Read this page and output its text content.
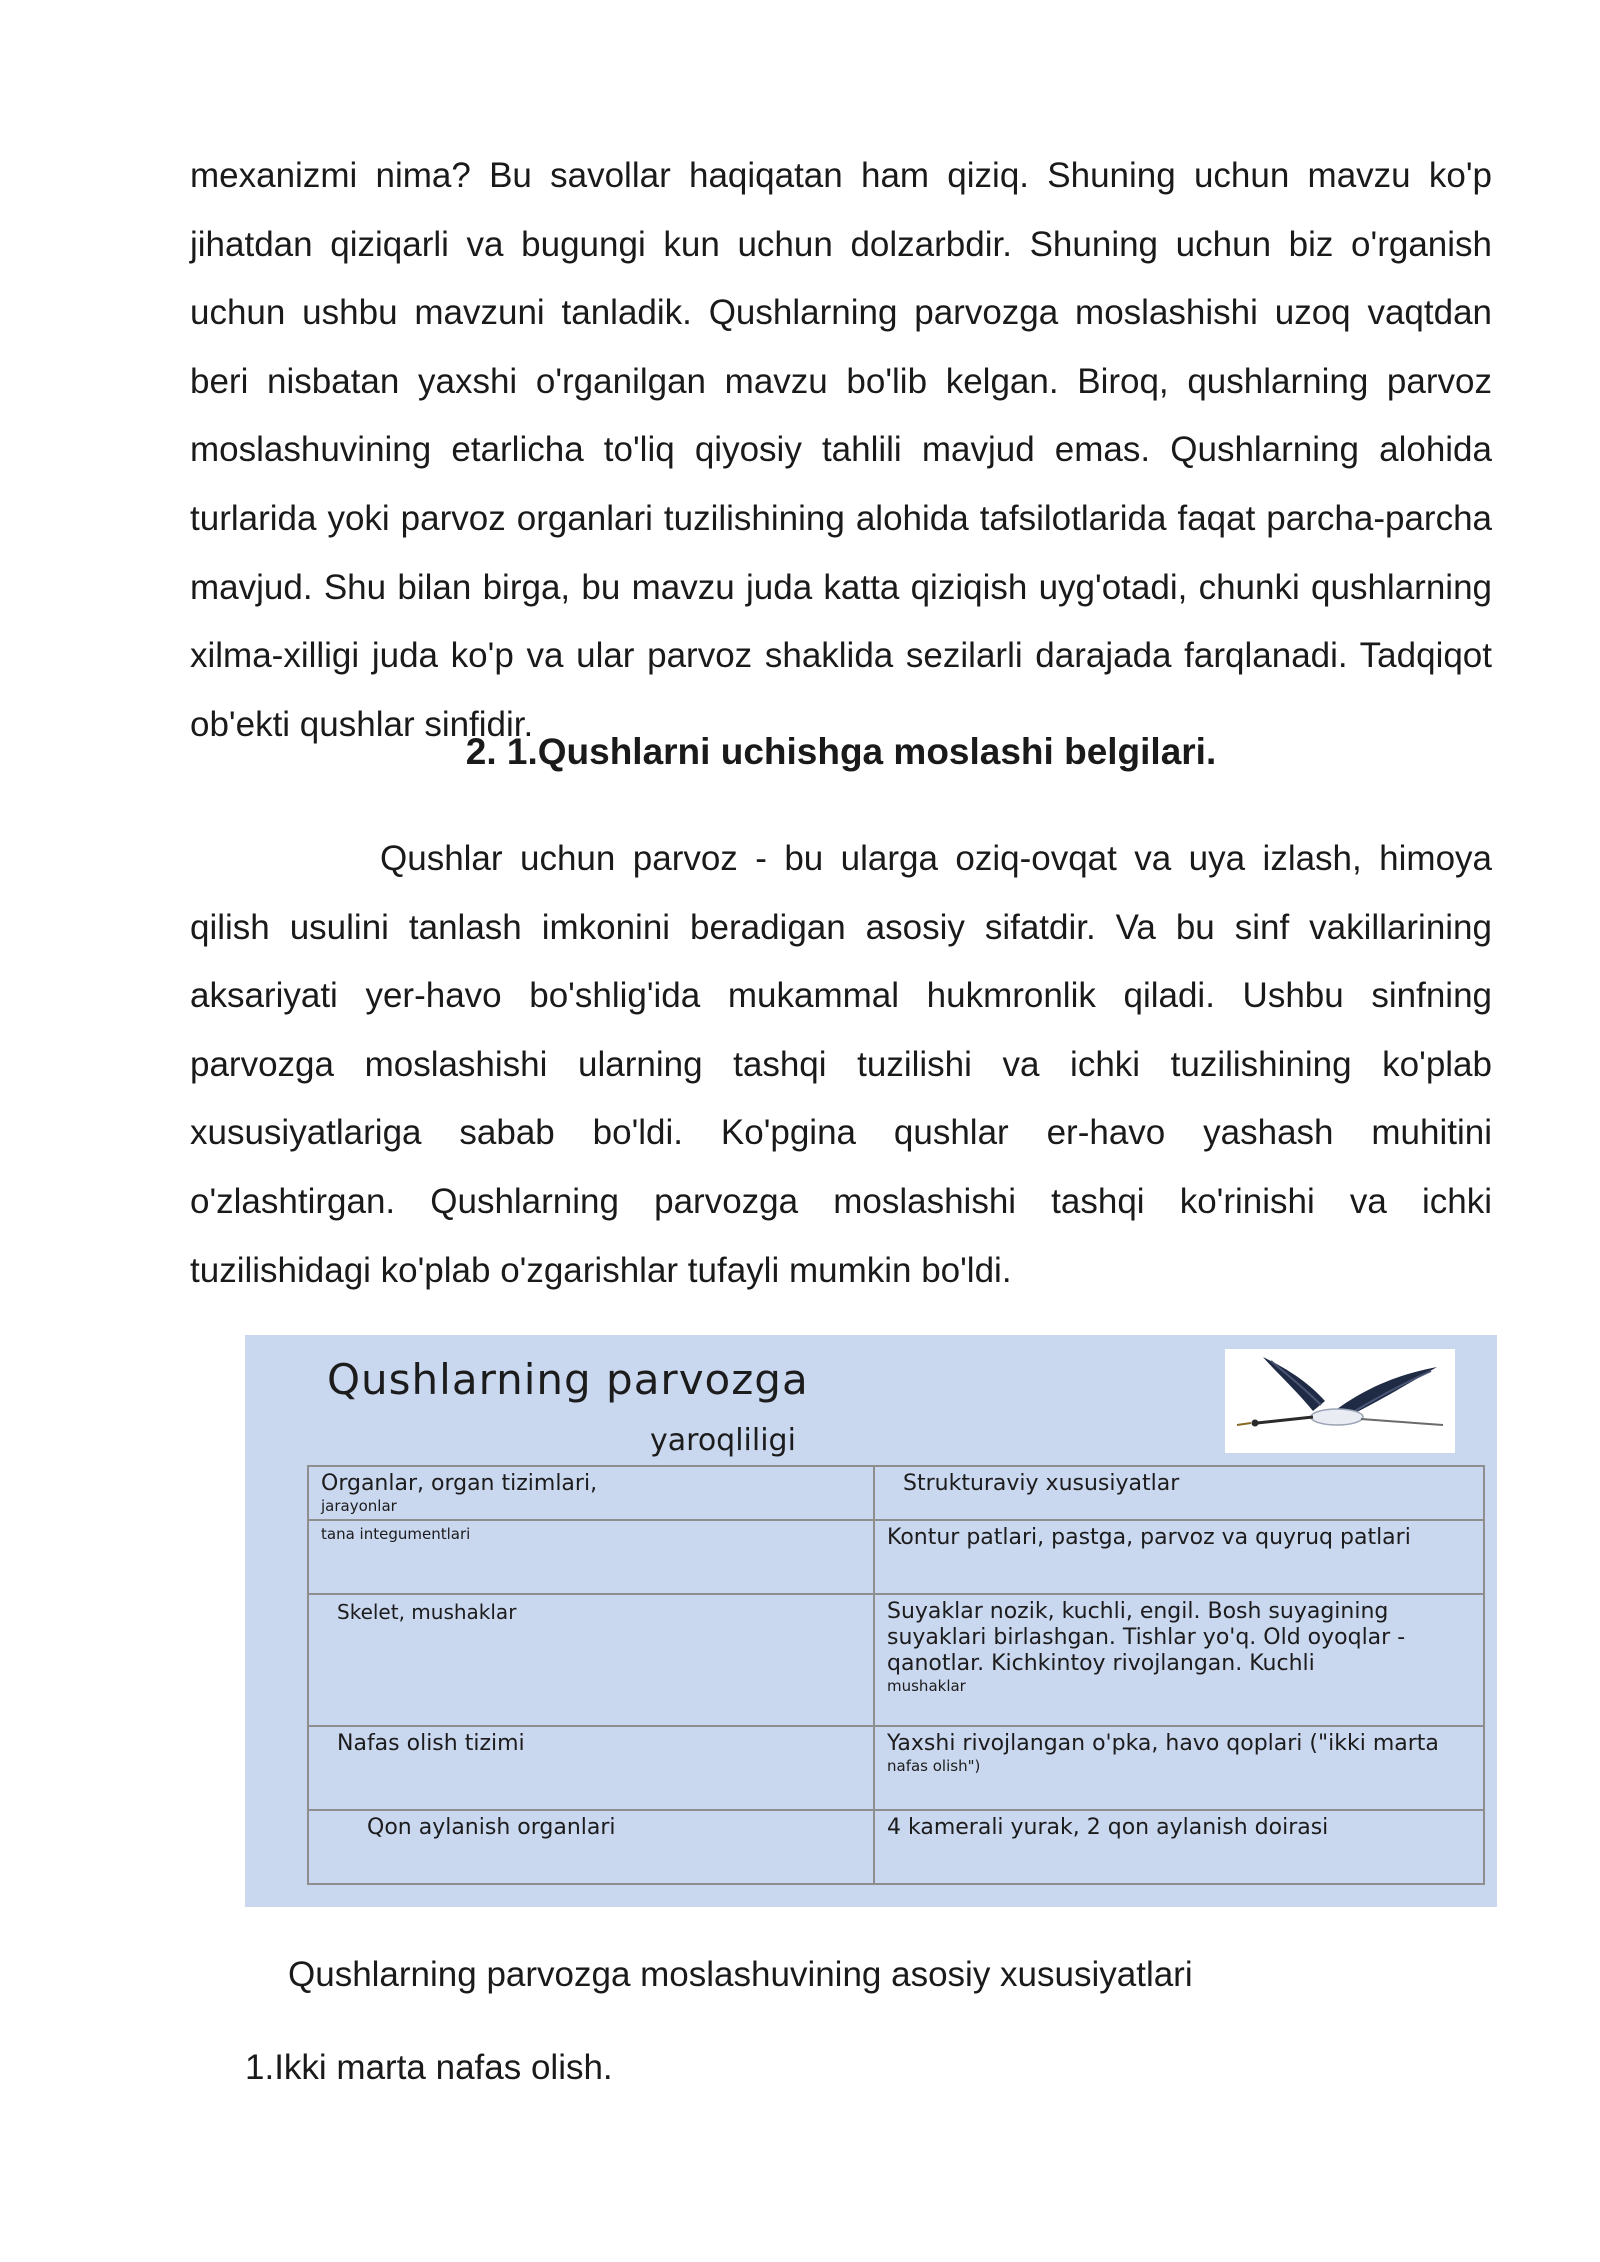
mexanizmi nima? Bu savollar haqiqatan ham qiziq. Shuning uchun mavzu ko'p jihatdan qiziqarli va bugungi kun uchun dolzarbdir. Shuning uchun biz o'rganish uchun ushbu mavzuni tanladik. Qushlarning parvozga moslashishi uzoq vaqtdan beri nisbatan yaxshi o'rganilgan mavzu bo'lib kelgan. Biroq, qushlarning parvoz moslashuvining etarlicha to'liq qiyosiy tahlili mavjud emas. Qushlarning alohida turlarida yoki parvoz organlari tuzilishining alohida tafsilotlarida faqat parcha-parcha mavjud. Shu bilan birga, bu mavzu juda katta qiziqish uyg'otadi, chunki qushlarning xilma-xilligi juda ko'p va ular parvoz shaklida sezilarli darajada farqlanadi. Tadqiqot ob'ekti qushlar sinfidir.

2. 1.Qushlarni uchishga moslashi belgilari.

Qushlar uchun parvoz - bu ularga oziq-ovqat va uya izlash, himoya qilish usulini tanlash imkonini beradigan asosiy sifatdir. Va bu sinf vakillarining aksariyati yer-havo bo'shlig'ida mukammal hukmronlik qiladi. Ushbu sinfning parvozga moslashishi ularning tashqi tuzilishi va ichki tuzilishining ko'plab xususiyatlariga sabab bo'ldi. Ko'pgina qushlar er-havo yashash muhitini o'zlashtirgan. Qushlarning parvozga moslashishi tashqi ko'rinishi va ichki tuzilishidagi ko'plab o'zgarishlar tufayli mumkin bo'ldi.

Qushlarning parvozga
yaroqliligi
Organlar, organ tizimlari,
jarayonlar	Strukturaviy xususiyatlar

tana integumentlari	Kontur patlari, pastga, parvoz va quyruq patlari
Skelet, mushaklar	Suyaklar nozik, kuchli, engil. Bosh suyagining suyaklari birlashgan. Tishlar yo'q. Old oyoqlar - qanotlar. Kichkintoy rivojlangan. Kuchli
mushaklar

Nafas olish tizimi	Yaxshi rivojlangan o'pka, havo qoplari ("ikki marta
nafas olish")

Qon aylanish organlari	4 kamerali yurak, 2 qon aylanish doirasi

Qushlarning parvozga moslashuvining asosiy xususiyatlari

1.Ikki marta nafas olish.
